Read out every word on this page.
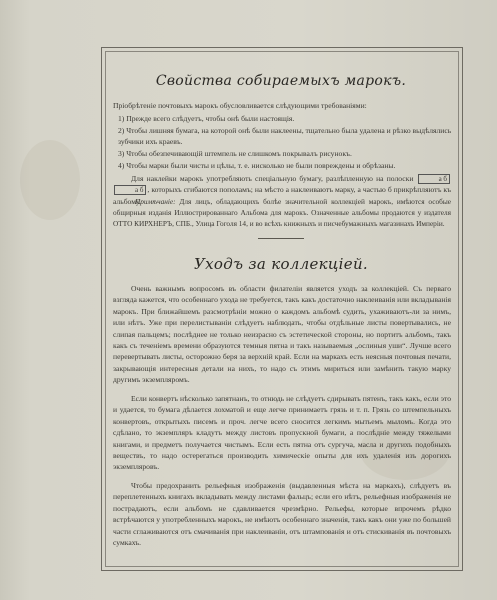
Свойства собираемыхъ марокъ.
Пріобрѣтеніе почтовыхъ марокъ обусловливается слѣдующими требованіями:
1) Прежде всего слѣдуетъ, чтобы онѣ были настоящія.
2) Чтобы лишняя бумага, на которой онѣ были наклеены, тщательно была удалена и рѣзко выдѣлялись зубчики ихъ краевъ.
3) Чтобы обезпечивающій штемпель не слишкомъ покрывалъ рисунокъ.
4) Чтобы марки были чисты и цѣлы, т. е. нисколько не были повреждены и обрѣзаны.
Для наклейки марокъ употребляють спеціальную бумагу, разлѣпленную на полоски	а ба б , которыхъ сгибаются пополамъ; на мѣсто а наклеиваютъ марку, а частью б прикрѣпляютъ къ альбому.
Примѣчаніе: Для лицъ, обладающихъ болѣе значительной коллекціей марокъ, имѣются особые общирныя изданія Иллюстрированнаго Альбома для марокъ. Означенные альбомы продаются у издателя ОТТО КИРХНЕРЪ, СПБ., Улица Гоголя 14, и во всѣхъ книжныхъ и писчебумажныхъ магазинахъ Имперіи.
Уходъ за коллекціей.
Очень важнымъ вопросомъ въ области филателіи является уходъ за коллекціей. Съ перваго взгляда кажется, что особеннаго ухода не требуется, такъ какъ достаточно наклеиванія или вкладыванія марокъ. При ближайшемъ разсмотрѣніи можно о каждомъ альбомѣ судить, ухаживаютъ-ли за нимъ, или нѣтъ. Уже при перелистываніи слѣдуетъ наблюдать, чтобы отдѣльные листы повертывались, не слипая пальцемъ; послѣднее не только неизрасно съ эстетической стороны, но портитъ альбомъ, такъ какъ съ теченіемъ времени образуются темныя пятна и такъ называемыя „ослиныя уши“. Лучше всего перевертывать листы, осторожно беря за верхній край. Если на маркахъ есть неясныя почтовыя печати, закрывающія интересныя детали на нихъ, то надо съ этимъ мириться или замѣнить такую марку другимъ экземпляромъ.
Если конвертъ нѣсколько запятнанъ, то отнюдь не слѣдуетъ сдирывать пятенъ, такъ какъ, если это и удается, то бумага дѣлается лохматой и еще легче принимаетъ грязь и т. п. Грязь со штемпельныхъ конвертовъ, открытыхъ писемъ и проч. легче всего сносится легкимъ мытьемъ мыломъ. Когда это сдѣлано, то экземпляръ кладутъ между листовъ пропускной бумаги, а послѣдніе между тяжелыми книгами, и предметъ получается чистымъ. Если есть пятна отъ сургуча, масла и другихъ подобныхъ веществъ, то надо остерегаться производить химическіе опыты для ихъ удаленія изъ дорогихъ экземпляровъ.
Чтобы предохранить рельефныя изображенія (выдавленныя мѣста на маркахъ), слѣдуетъ въ переплетенныхъ книгахъ вкладывать между листами фальцъ; если его нѣтъ, рельефныя изображенія не пострадаютъ, если альбомъ не сдавливается чрезмѣрно. Рельефы, которые впрочемъ рѣдко встрѣчаются у употребленныхъ марокъ, не имѣютъ особеннаго значенія, такъ какъ они уже по большей части сглаживаются отъ смачиванія при наклеиваніи, отъ штампованія и отъ стискиванія въ почтовыхъ сумкахъ.
